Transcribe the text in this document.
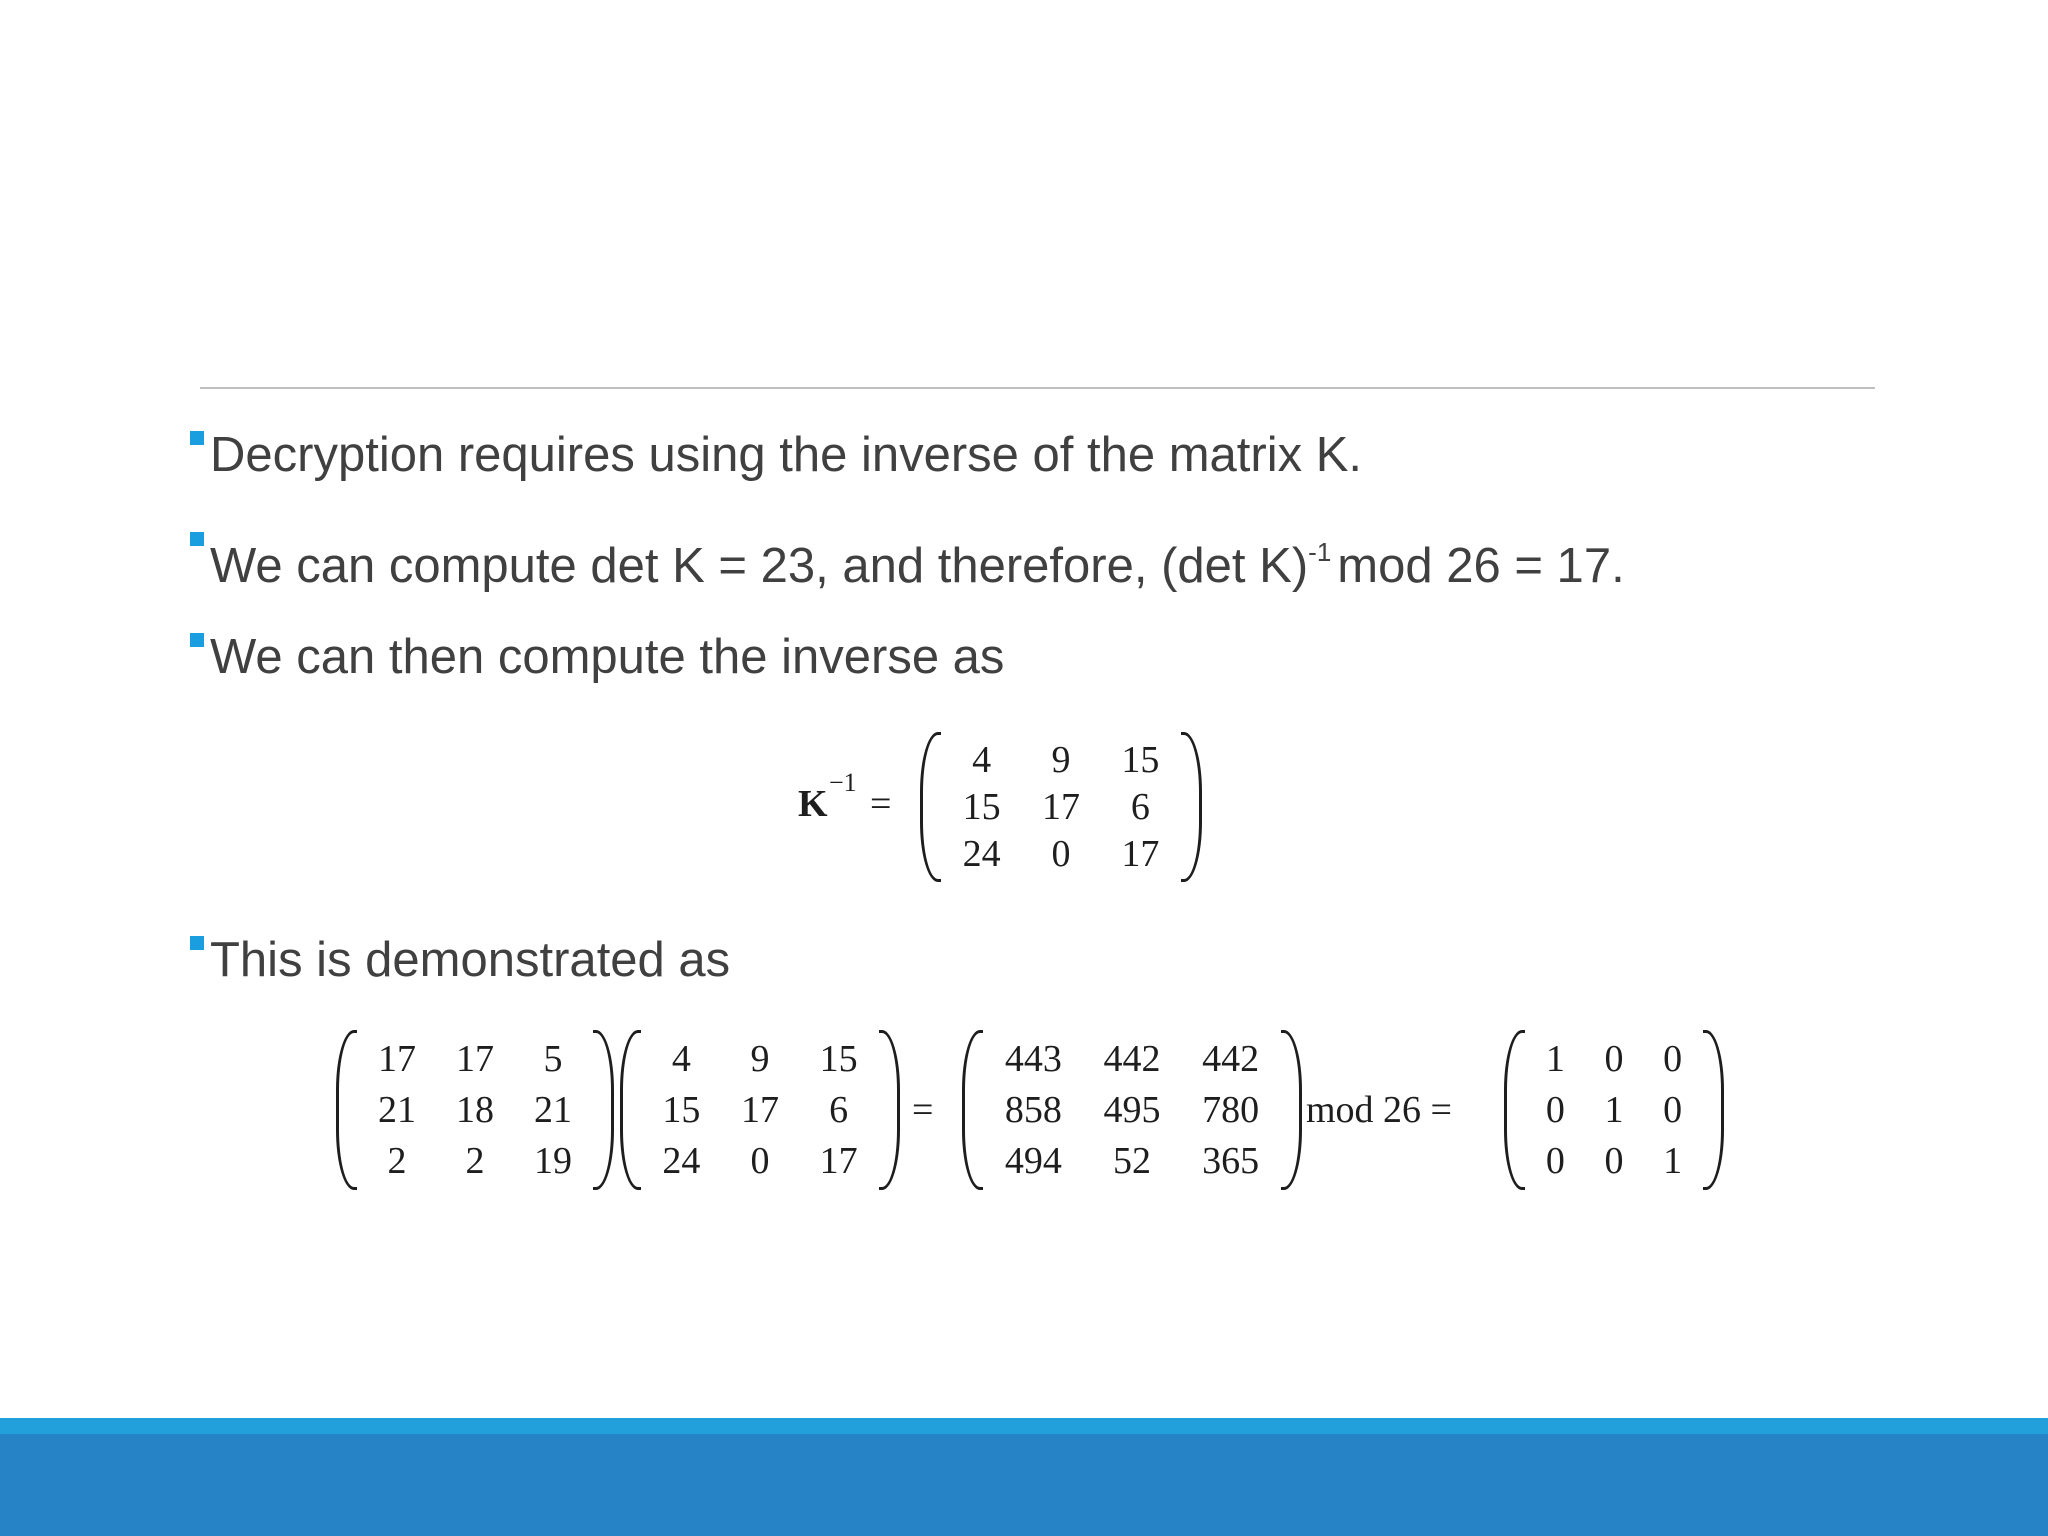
Decryption requires using the inverse of the matrix K.
We can compute det K = 23, and therefore, (det K)$^{-1}$ mod 26 = 17.
We can then compute the inverse as
K
−1
=
4	9	15
15	17	6
24	0	17
This is demonstrated as
17	17	5
21	18	21
2	2	19
4	9	15
15	17	6
24	0	17
=
443	442	442
858	495	780
494	52	365
mod 26 =
1	0	0
0	1	0
0	0	1
